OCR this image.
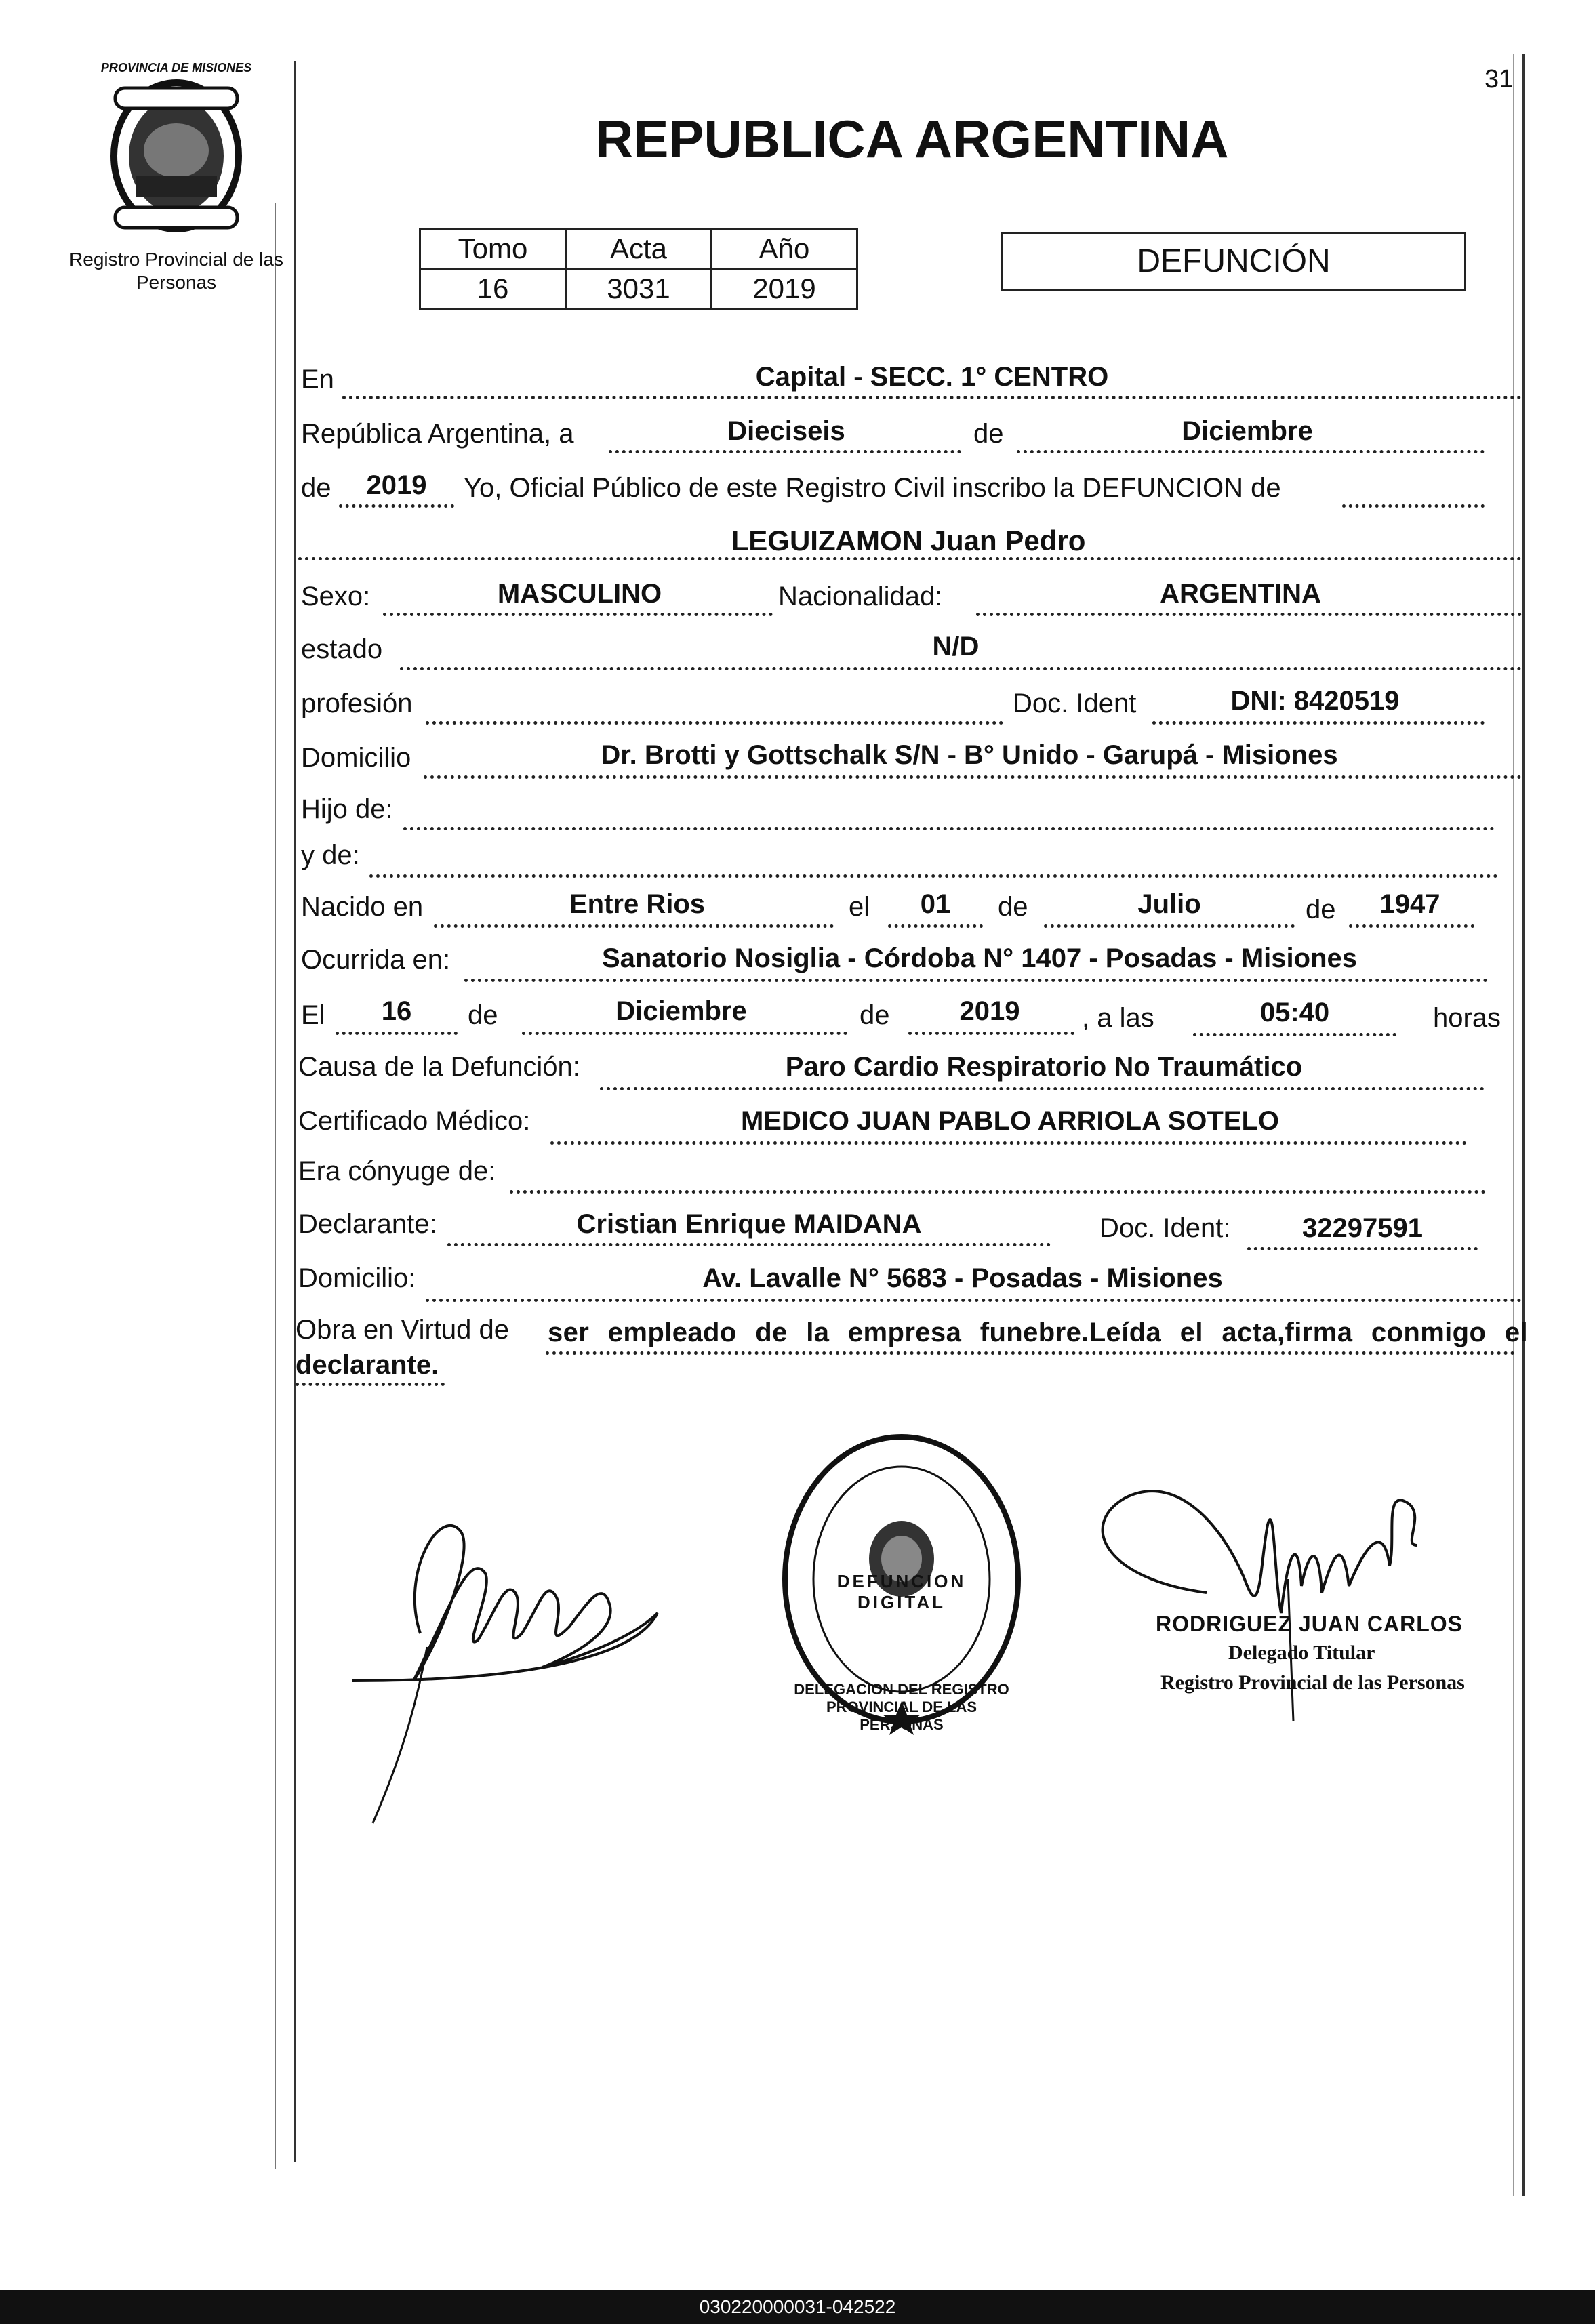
31
PROVINCIA DE MISIONES
Registro Provincial de las Personas
REPUBLICA ARGENTINA
Tomo	Acta	Año
16	3031	2019
DEFUNCIÓN
En	Capital - SECC. 1° CENTRO
República Argentina, a	Dieciseis	de	Diciembre
de	2019	Yo, Oficial Público de este Registro Civil inscribo la DEFUNCION de
LEGUIZAMON Juan Pedro
Sexo:	MASCULINO	Nacionalidad:	ARGENTINA
estado	N/D
profesión	Doc. Ident	DNI: 8420519
Domicilio	Dr. Brotti y Gottschalk S/N - B° Unido - Garupá - Misiones
Hijo de:
y de:
Nacido en	Entre Rios	el	01	de	Julio	de	1947
Ocurrida en:	Sanatorio Nosiglia - Córdoba N° 1407 - Posadas - Misiones
El	16	de	Diciembre	de	2019	, a las	05:40	horas
Causa de la Defunción:	Paro Cardio Respiratorio No Traumático
Certificado Médico:	MEDICO JUAN PABLO ARRIOLA SOTELO
Era cónyuge de:
Declarante:	Cristian Enrique MAIDANA	Doc. Ident:	32297591
Domicilio:	Av. Lavalle N° 5683 - Posadas - Misiones
Obra en Virtud de ser empleado de la empresa funebre.Leída el acta,firma conmigo el
declarante.
DELEGACION DEL REGISTRO PROVINCIAL DE LAS PERSONAS
DEFUNCION DIGITAL
RODRIGUEZ JUAN CARLOS
Delegado Titular
Registro Provincial de las Personas
030220000031-042522
